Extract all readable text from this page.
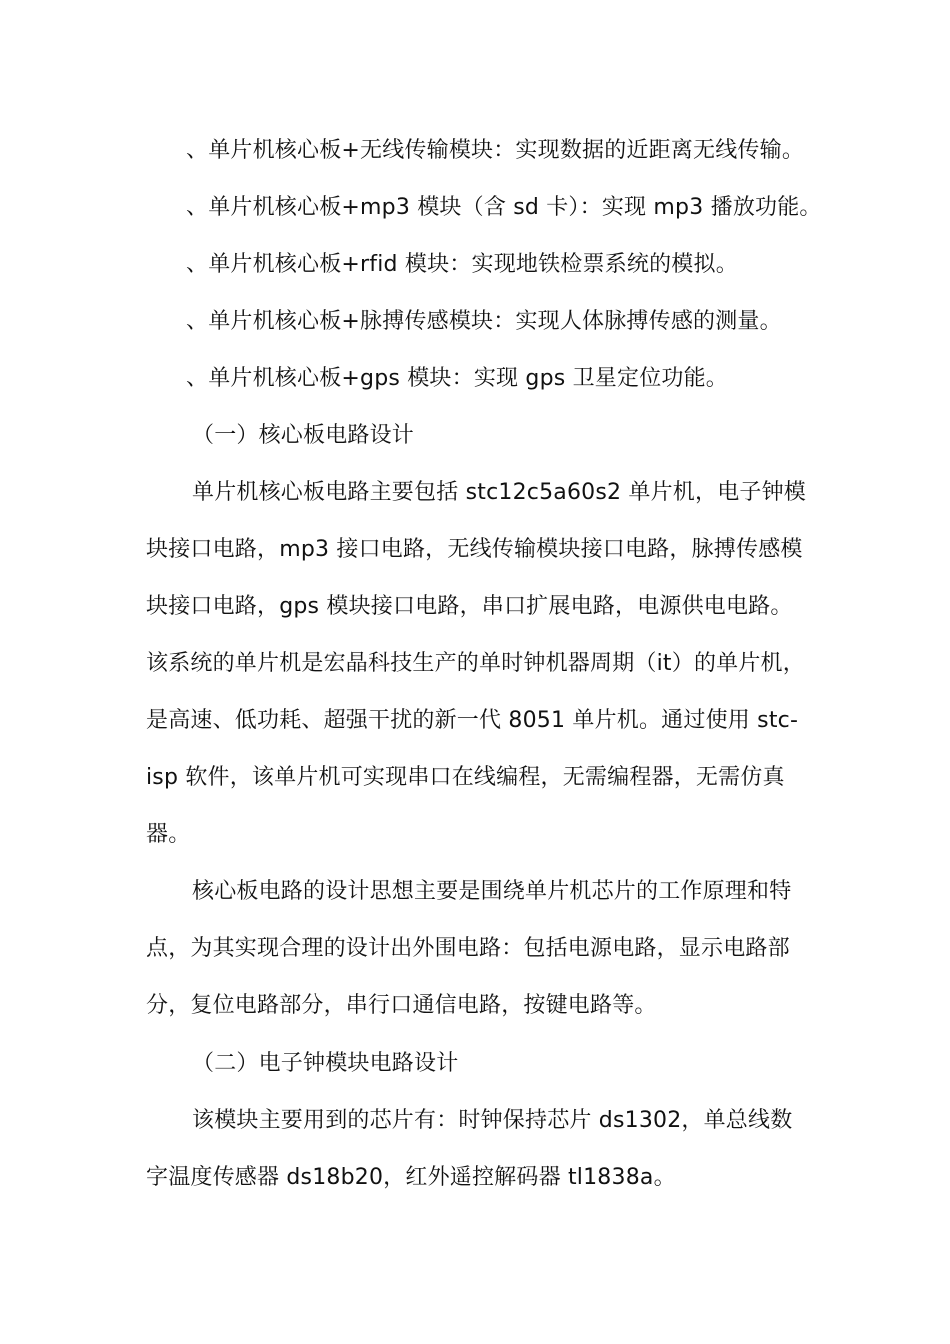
、单片机核心板+无线传输模块：实现数据的近距离无线传输。
、单片机核心板+mp3 模块（含 sd 卡）：实现 mp3 播放功能。
、单片机核心板+rfid 模块：实现地铁检票系统的模拟。
、单片机核心板+脉搏传感模块：实现人体脉搏传感的测量。
、单片机核心板+gps 模块：实现 gps 卫星定位功能。
（一）核心板电路设计
单片机核心板电路主要包括 stc12c5a60s2 单片机，电子钟模
块接口电路，mp3 接口电路，无线传输模块接口电路，脉搏传感模
块接口电路，gps 模块接口电路，串口扩展电路，电源供电电路。
该系统的单片机是宏晶科技生产的单时钟机器周期（it）的单片机，
是高速、低功耗、超强干扰的新一代 8051 单片机。通过使用 stc-
isp 软件，该单片机可实现串口在线编程，无需编程器，无需仿真
器。
核心板电路的设计思想主要是围绕单片机芯片的工作原理和特
点，为其实现合理的设计出外围电路：包括电源电路，显示电路部
分，复位电路部分，串行口通信电路，按键电路等。
（二）电子钟模块电路设计
该模块主要用到的芯片有：时钟保持芯片 ds1302，单总线数
字温度传感器 ds18b20，红外遥控解码器 tl1838a。
